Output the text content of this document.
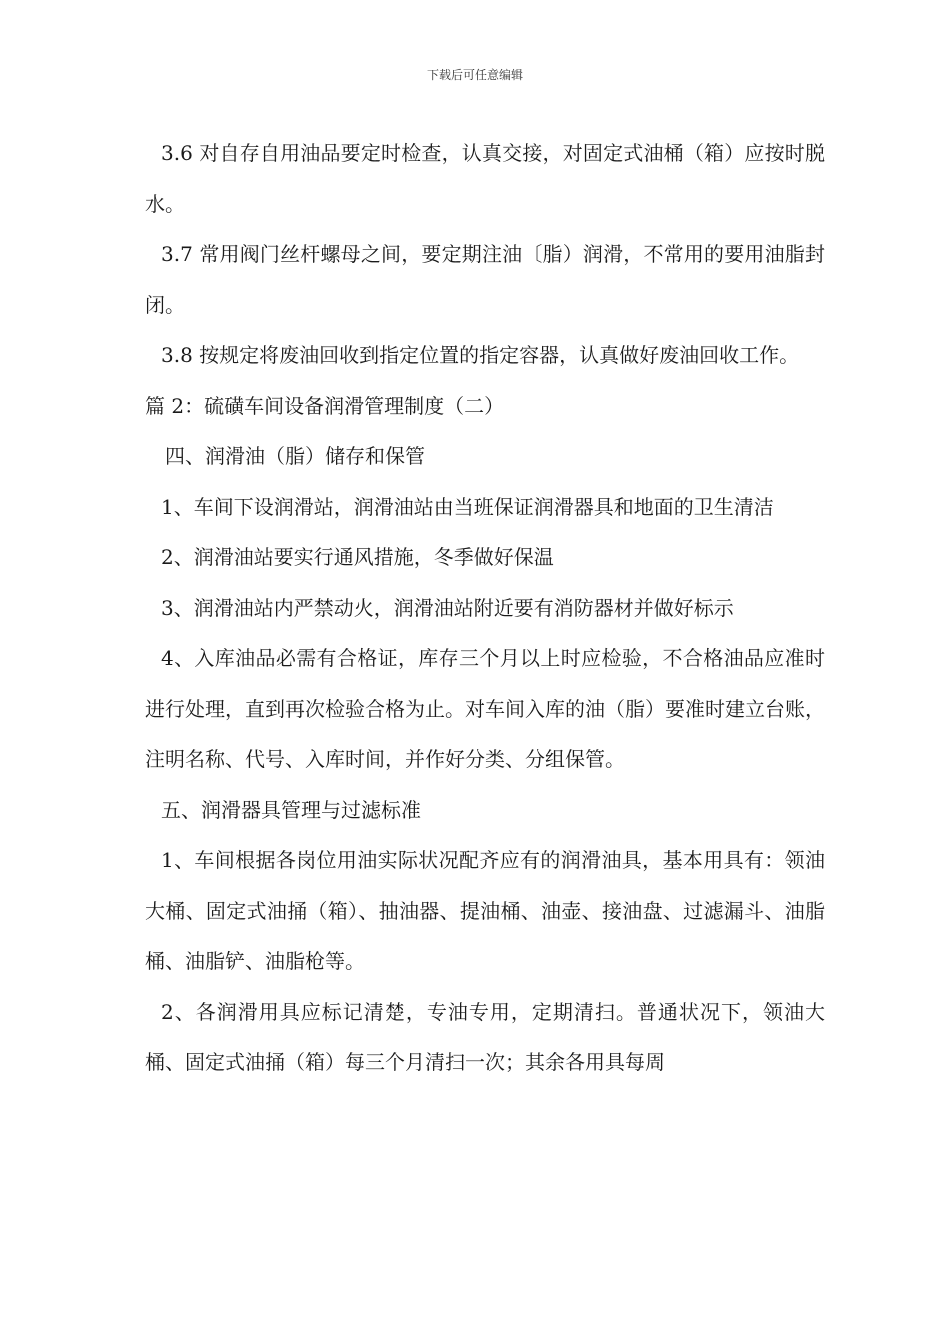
下载后可任意编辑

3.6 对自存自用油品要定时检查，认真交接，对固定式油桶（箱）应按时脱水。

3.7 常用阀门丝杆螺母之间，要定期注油〔脂）润滑，不常用的要用油脂封闭。

3.8 按规定将废油回收到指定位置的指定容器，认真做好废油回收工作。

篇 2：硫磺车间设备润滑管理制度（二）

四、润滑油（脂）储存和保管

1、车间下设润滑站，润滑油站由当班保证润滑器具和地面的卫生清洁

2、润滑油站要实行通风措施，冬季做好保温

3、润滑油站内严禁动火，润滑油站附近要有消防器材并做好标示

4、入库油品必需有合格证，库存三个月以上时应检验，不合格油品应准时进行处理，直到再次检验合格为止。对车间入库的油（脂）要准时建立台账，注明名称、代号、入库时间，并作好分类、分组保管。

五、润滑器具管理与过滤标准

1、车间根据各岗位用油实际状况配齐应有的润滑油具，基本用具有：领油大桶、固定式油捅（箱）、抽油器、提油桶、油壶、接油盘、过滤漏斗、油脂桶、油脂铲、油脂枪等。

2、各润滑用具应标记清楚，专油专用，定期清扫。普通状况下，领油大桶、固定式油捅（箱）每三个月清扫一次；其余各用具每周
